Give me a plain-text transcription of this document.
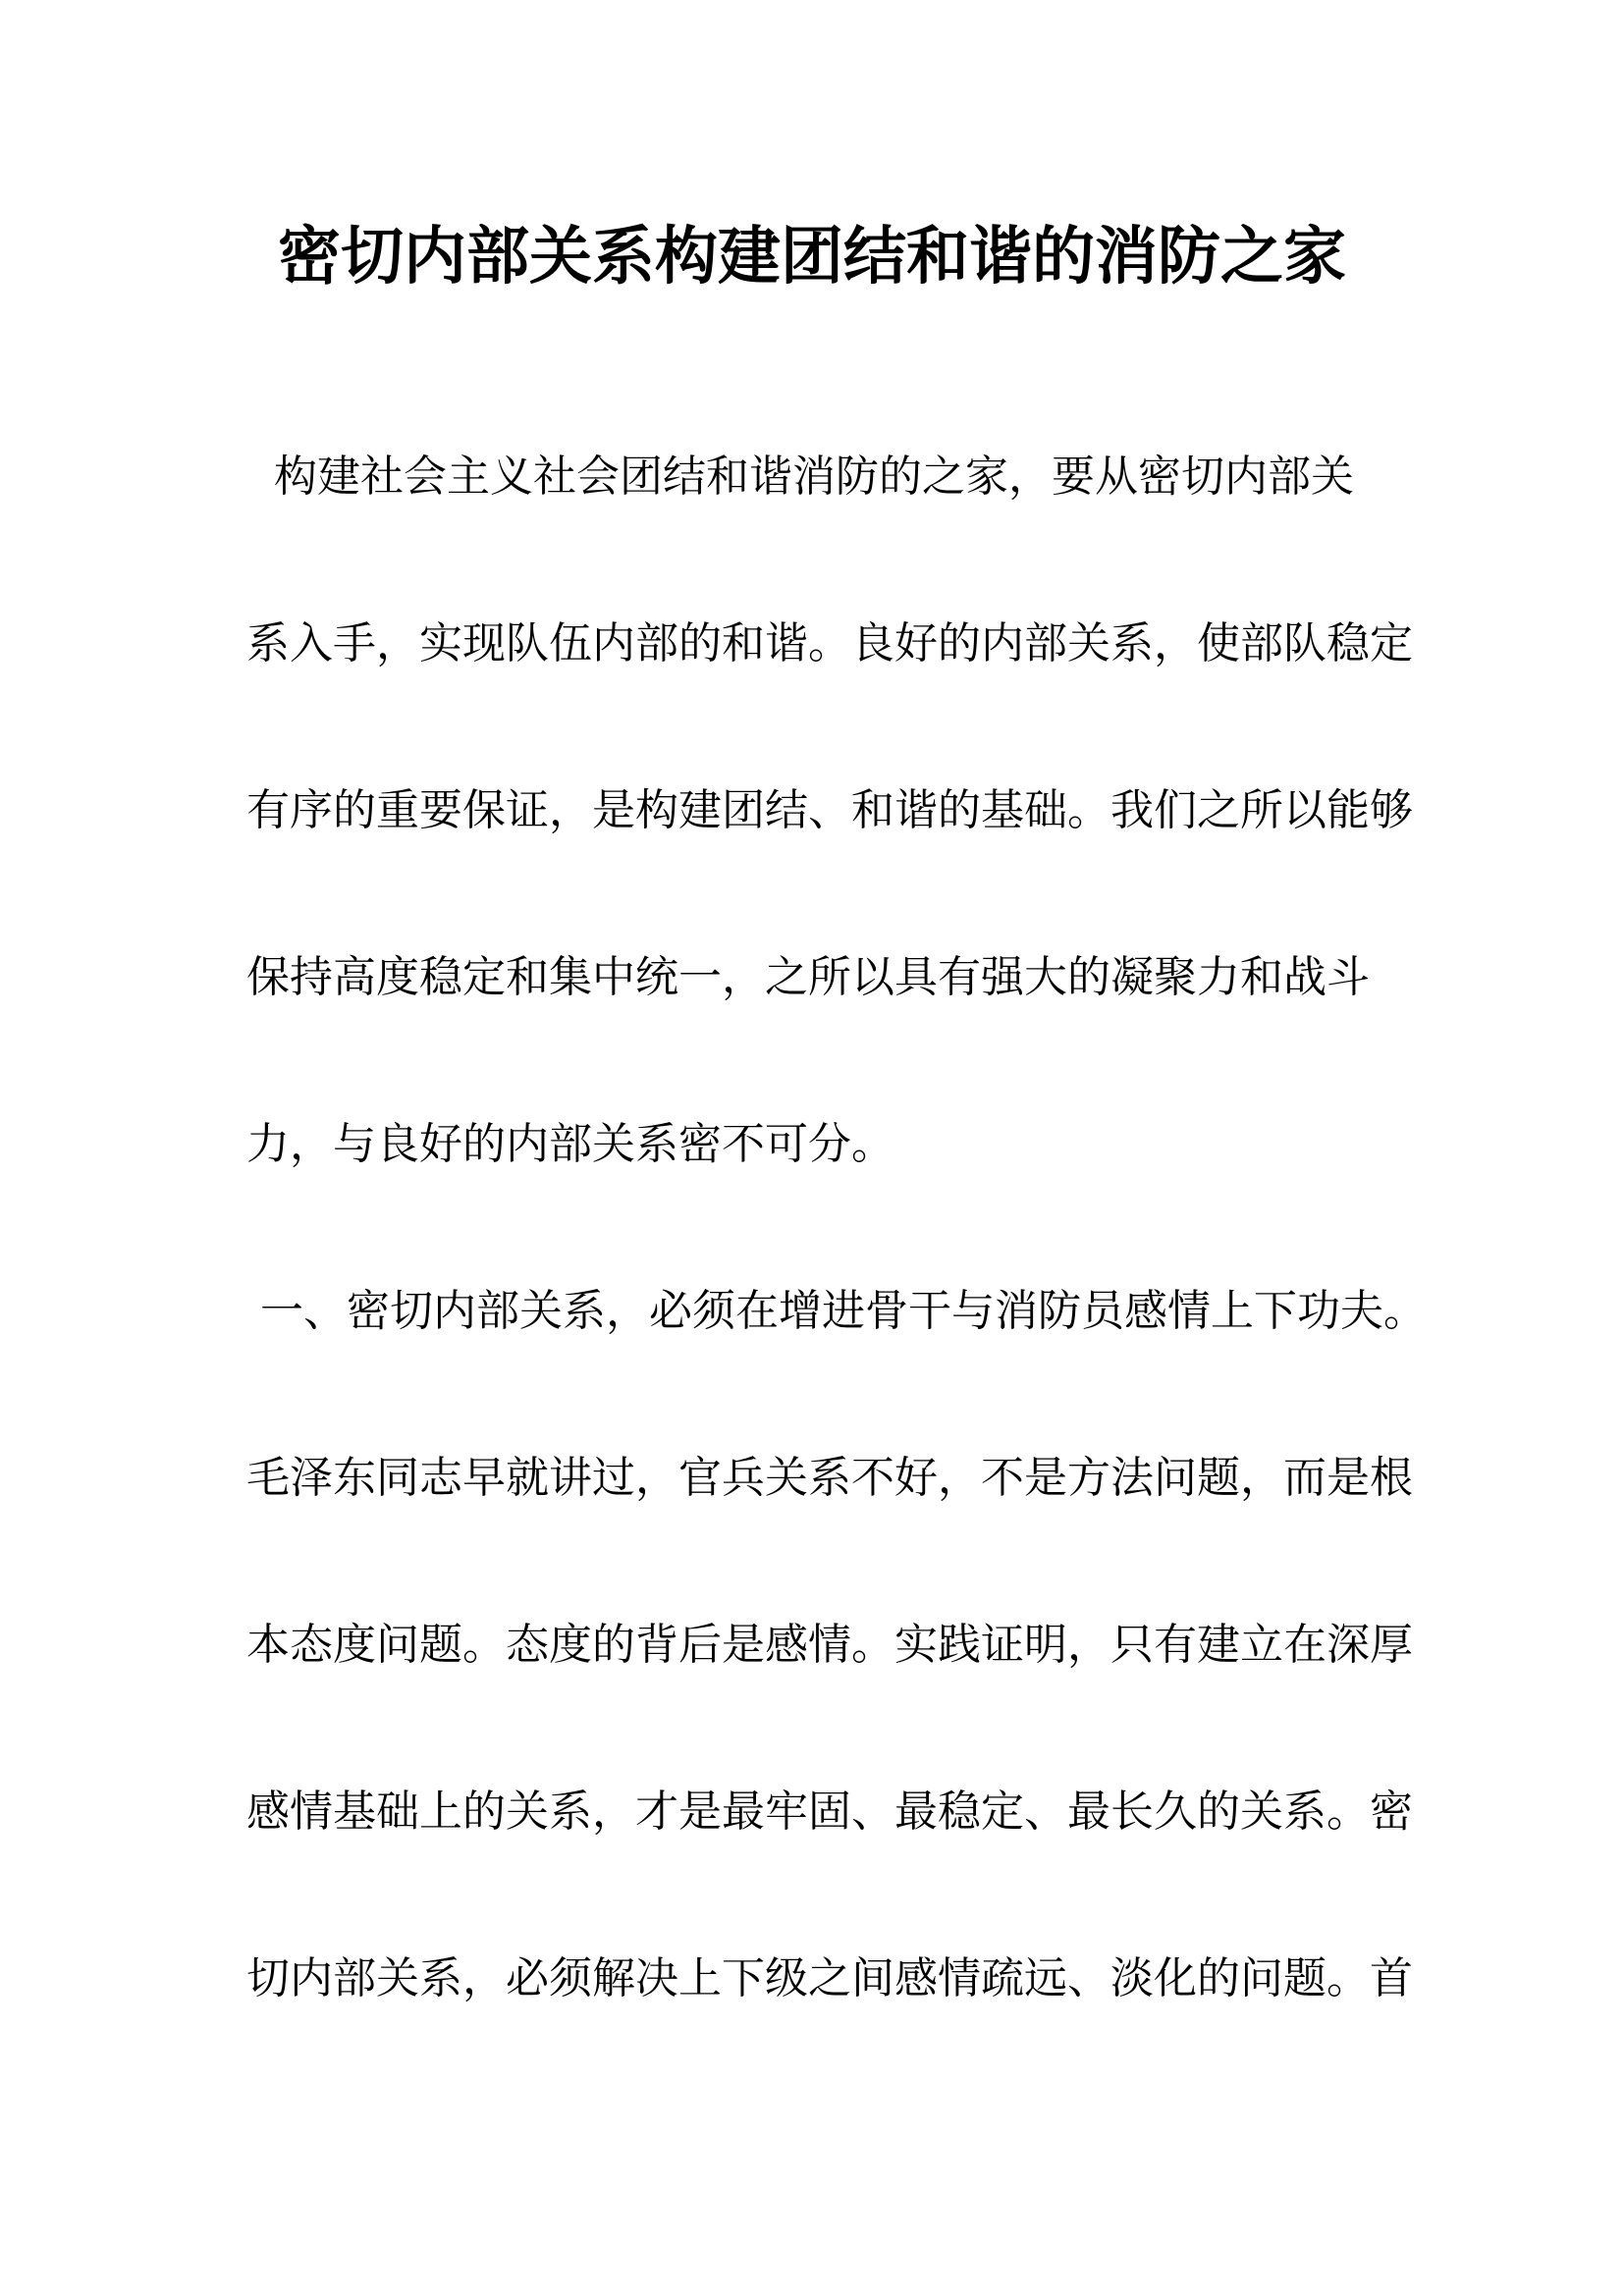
密切内部关系构建团结和谐的消防之家

构建社会主义社会团结和谐消防的之家，要从密切内部关

系入手，实现队伍内部的和谐。良好的内部关系，使部队稳定

有序的重要保证，是构建团结、和谐的基础。我们之所以能够

保持高度稳定和集中统一，之所以具有强大的凝聚力和战斗

力，与良好的内部关系密不可分。

一、密切内部关系，必须在增进骨干与消防员感情上下功夫。

毛泽东同志早就讲过，官兵关系不好，不是方法问题，而是根

本态度问题。态度的背后是感情。实践证明，只有建立在深厚

感情基础上的关系，才是最牢固、最稳定、最长久的关系。密

切内部关系，必须解决上下级之间感情疏远、淡化的问题。首
